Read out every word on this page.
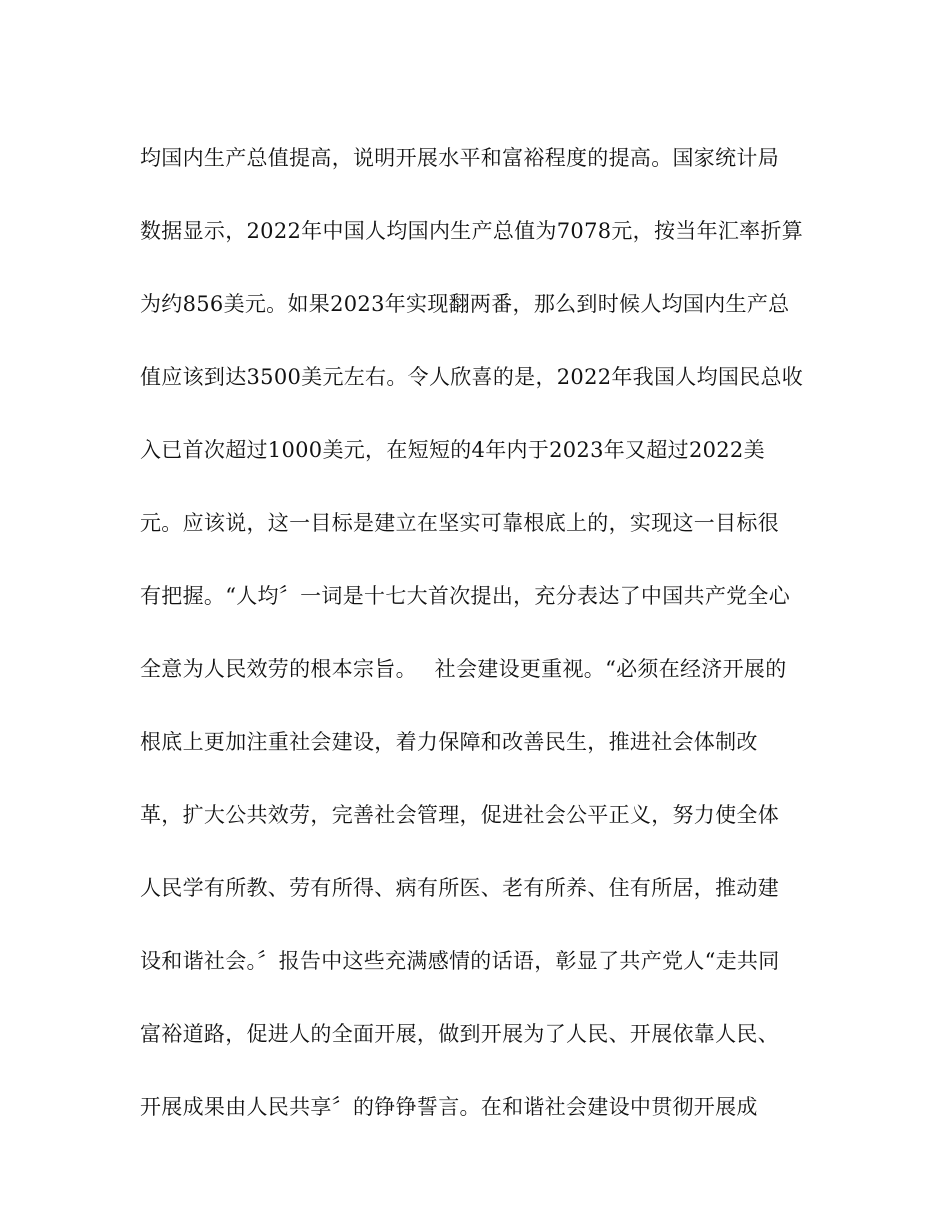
均国内生产总值提高，说明开展水平和富裕程度的提高。国家统计局
数据显示，2022年中国人均国内生产总值为7078元，按当年汇率折算
为约856美元。如果2023年实现翻两番，那么到时候人均国内生产总
值应该到达3500美元左右。令人欣喜的是，2022年我国人均国民总收
入已首次超过1000美元，在短短的4年内于2023年又超过2022美
元。应该说，这一目标是建立在坚实可靠根底上的，实现这一目标很
有把握。“人均〞一词是十七大首次提出，充分表达了中国共产党全心
全意为人民效劳的根本宗旨。　 社会建设更重视。“必须在经济开展的
根底上更加注重社会建设，着力保障和改善民生，推进社会体制改
革，扩大公共效劳，完善社会管理，促进社会公平正义，努力使全体
人民学有所教、劳有所得、病有所医、老有所养、住有所居，推动建
设和谐社会。〞报告中这些充满感情的话语，彰显了共产党人“走共同
富裕道路，促进人的全面开展，做到开展为了人民、开展依靠人民、
开展成果由人民共享〞的铮铮誓言。在和谐社会建设中贯彻开展成
